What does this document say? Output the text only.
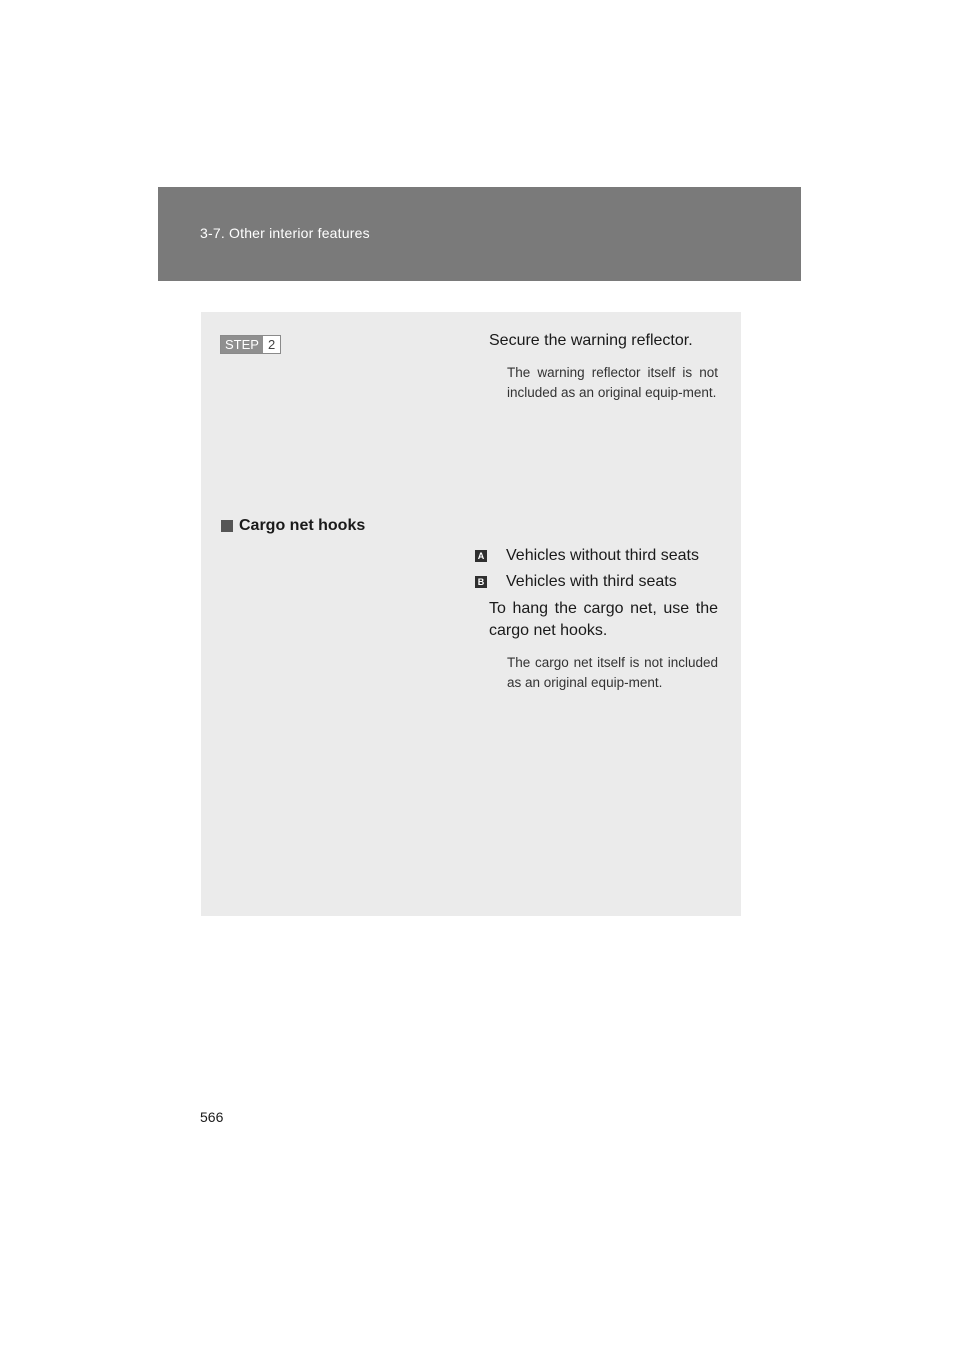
3-7. Other interior features
STEP 2	Secure the warning reflector.
The warning reflector itself is not included as an original equip-ment.
Cargo net hooks
A Vehicles without third seats
B Vehicles with third seats
To hang the cargo net, use the cargo net hooks.
The cargo net itself is not included as an original equip-ment.
566
